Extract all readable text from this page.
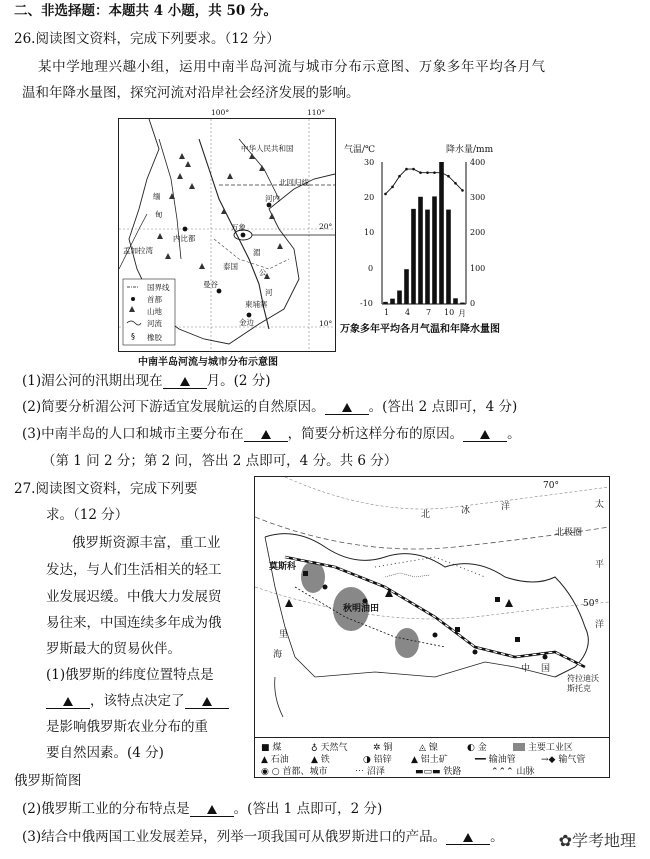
二、非选择题：本题共 4 小题，共 50 分。
26.阅读图文资料，完成下列要求。（12 分）
某中学地理兴趣小组，运用中南半岛河流与城市分布示意图、万象多年平均各月气
温和年降水量图，探究河流对沿岸社会经济发展的影响。
§
100°	110°
20°
10°
中华人民共和国
北回归线
河内
万象
内比都
孟加拉湾
曼谷
泰国
金边
柬埔寨
湄
公
河
缅
甸
国界线
首都
山地
河流
橡胶
中南半岛河流与城市分布示意图
气温/℃	降水量/mm
30
20
10
0
-10
400
300
200
100
0
1 4 7 10 月
万象多年平均各月气温和年降水量图
(1)湄公河的汛期出现在	月。(2 分)
(2)简要分析湄公河下游适宜发展航运的自然原因。	。(答出 2 点即可，4 分)
(3)中南半岛的人口和城市主要分布在	，简要分析这样分布的原因。	。
（第 1 问 2 分；第 2 问，答出 2 点即可，4 分。共 6 分）
27.阅读图文资料，完成下列要
求。（12 分）
俄罗斯资源丰富，重工业
发达，与人们生活相关的轻工
业发展迟缓。中俄大力发展贸
易往来，中国连续多年成为俄
罗斯最大的贸易伙伴。
(1)俄罗斯的纬度位置特点是
，该特点决定了
是影响俄罗斯农业分布的重
要自然因素。(4 分)
俄罗斯简图
北	冰	洋
北极圈
70°
50°
太
平
洋
莫斯科
秋明油田
中 国
符拉迪沃
斯托克
里
海
■ 煤	♁ 天然气	✲ 铜	◬ 镍	◐ 金	主要工业区
▲ 石油 ▲ 铁	◑ 铅锌 ▲ 铝土矿	━━ 输油管	→◆ 输气管
◉ ○ 首都、城市	⋯ 沼泽	▬▭▬ 铁路	⌃⌃⌃ 山脉
(2)俄罗斯工业的分布特点是	。(答出 1 点即可，2 分)
(3)结合中俄两国工业发展差异，列举一项我国可从俄罗斯进口的产品。	。	✿学考地理
